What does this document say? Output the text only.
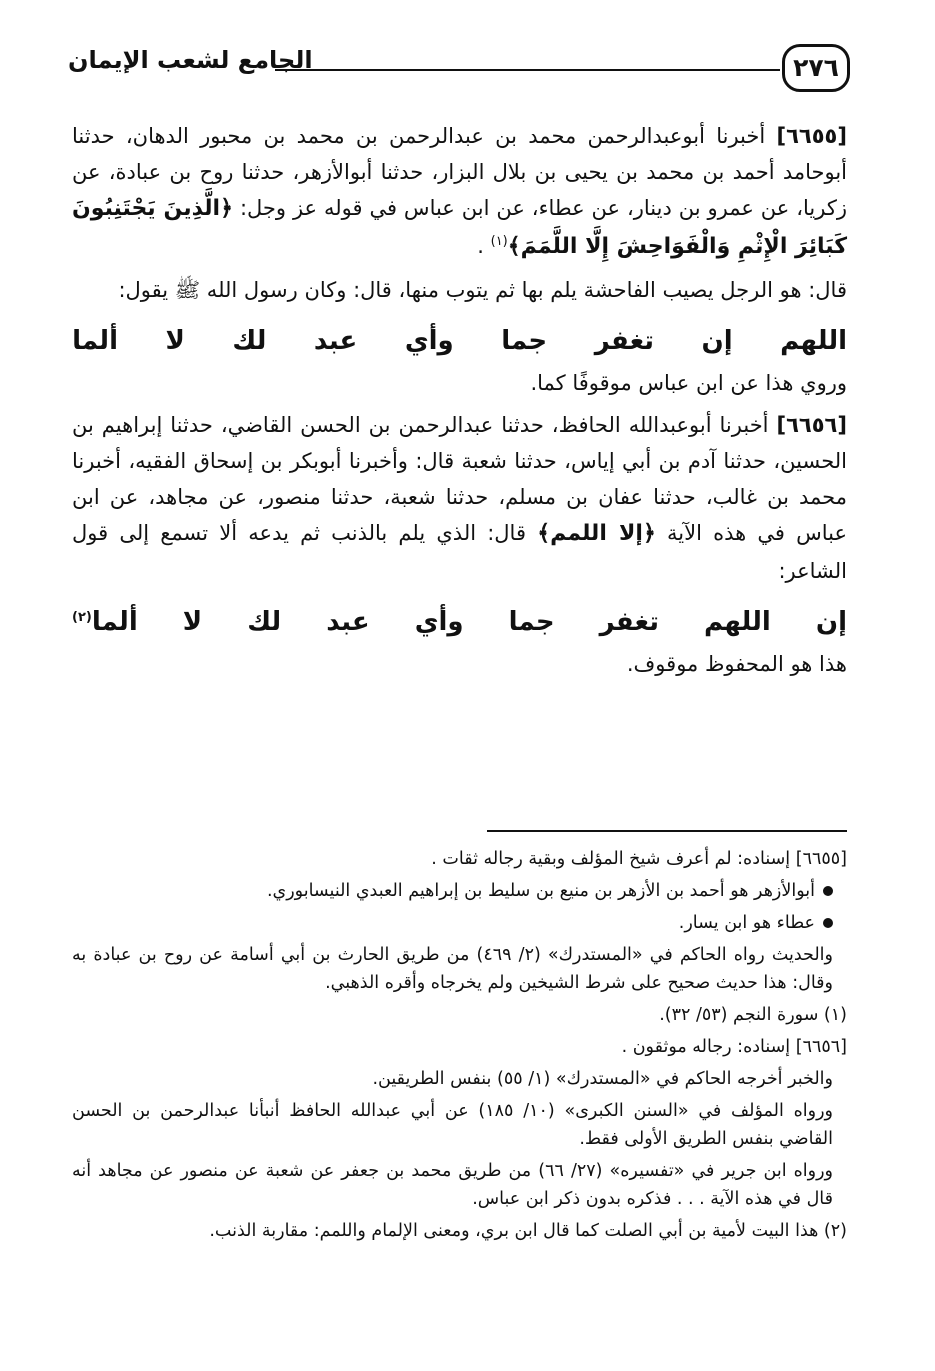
٢٧٦
الجامع لشعب الإيمان

[٦٦٥٥] أخبرنا أبوعبدالرحمن محمد بن عبدالرحمن بن محمد بن محبور الدهان، حدثنا أبوحامد أحمد بن محمد بن يحيى بن بلال البزار، حدثنا أبوالأزهر، حدثنا روح بن عبادة، عن زكريا، عن عمرو بن دينار، عن عطاء، عن ابن عباس في قوله عز وجل: ﴿الَّذِينَ يَجْتَنِبُونَ كَبَائِرَ الْإِثْمِ وَالْفَوَاحِشَ إِلَّا اللَّمَمَ﴾$^{(١)}$ .

قال: هو الرجل يصيب الفاحشة يلم بها ثم يتوب منها، قال: وكان رسول الله ﷺ يقول:

اللهم
إن
تغفر
جما
وأي
عبد
لك
لا
ألما

وروي هذا عن ابن عباس موقوفًا كما.

[٦٦٥٦] أخبرنا أبوعبدالله الحافظ، حدثنا عبدالرحمن بن الحسن القاضي، حدثنا إبراهيم بن الحسين، حدثنا آدم بن أبي إياس، حدثنا شعبة قال: وأخبرنا أبوبكر بن إسحاق الفقيه، أخبرنا محمد بن غالب، حدثنا عفان بن مسلم، حدثنا شعبة، حدثنا منصور، عن مجاهد، عن ابن عباس في هذه الآية ﴿إلا اللمم﴾ قال: الذي يلم بالذنب ثم يدعه ألا تسمع إلى قول الشاعر:

إن
اللهم
تغفر
جما
وأي
عبد
لك
لا
ألما(٢)

هذا هو المحفوظ موقوف.

[٦٦٥٥] إسناده: لم أعرف شيخ المؤلف وبقية رجاله ثقات .

أبوالأزهر هو أحمد بن الأزهر بن منيع بن سليط بن إبراهيم العبدي النيسابوري.

عطاء هو ابن يسار.

والحديث رواه الحاكم في «المستدرك» (٢/ ٤٦٩) من طريق الحارث بن أبي أسامة عن روح بن عبادة به وقال: هذا حديث صحيح على شرط الشيخين ولم يخرجاه وأقره الذهبي.

(١) سورة النجم (٥٣/ ٣٢).

[٦٦٥٦] إسناده: رجاله موثقون .

والخبر أخرجه الحاكم في «المستدرك» (١/ ٥٥) بنفس الطريقين.

ورواه المؤلف في «السنن الكبرى» (١٠/ ١٨٥) عن أبي عبدالله الحافظ أنبأنا عبدالرحمن بن الحسن القاضي بنفس الطريق الأولى فقط.

ورواه ابن جرير في «تفسيره» (٢٧/ ٦٦) من طريق محمد بن جعفر عن شعبة عن منصور عن مجاهد أنه قال في هذه الآية . . . فذكره بدون ذكر ابن عباس.

(٢) هذا البيت لأمية بن أبي الصلت كما قال ابن بري، ومعنى الإلمام واللمم: مقاربة الذنب.
